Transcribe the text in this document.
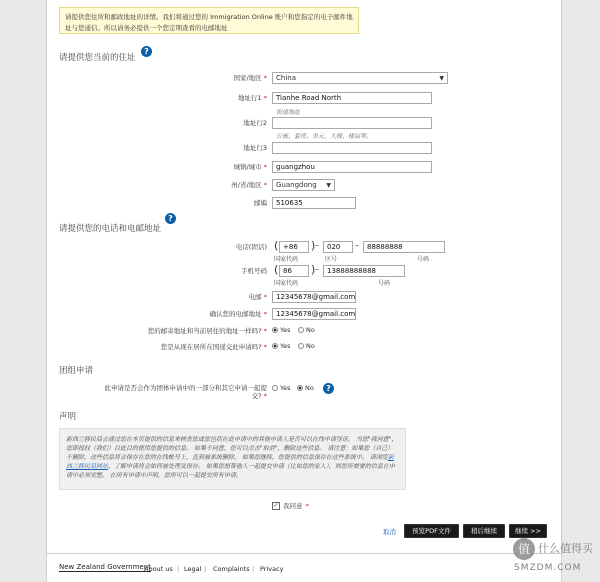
请提供您住所和邮政地址的详情。我们将通过您的 Immigration Online 账户和您指定的电子邮件地址与您通信。所以请务必提供一个您定期查看的电邮地址
请提供您当前的住址
?
国家/地区 *	China	▼
地址行1 *	Tianhe Road North
街道地址
地址行2
公寓、套房、单元、大楼、楼层等。
地址行3
城镇/城市 *	guangzhou
州/省/地区 *	Guangdong ▼
邮编	510635
请提供您的电话和电邮地址
?
电话(固话) ( +86	) –	020	–	88888888
国家代码	区号	号码
手机号码 ( 86	) –	13888888888
国家代码	号码
电邮 *	12345678@gmail.com
确认您的电邮地址 *	12345678@gmail.com
您的邮寄地址和当前居住的地址一样吗? * Yes No
您是从现在居所在国递交此申请吗? * Yes No
团组申请
此申请是否会作为团体申请中的一部分和其它申请一起提
交? *
Yes No	?
声明
新西兰移民局会通过您在本页提供的信息来核查您或您包括在此申请中的其他申请人是否可以在线申请签证。 当您"我同意"，您即授权（我们）以此目的使用您提供的信息。 如果不同意，您可以点击"取消"，删除这些信息。 请注意：如果您（自己）不删除，这些信息将会保存在您的在线帐号上，直到被系统删除。 如果您继续，您提供的信息保存在这些系统中。 请浏览新西兰移民局网站，了解申请将会如何被处理及保存。 如果您想帮他人一起提交申请（比如您的家人），则您所需要的信息在申请中必须完整。 在所有申请中声明，您所可以一起提交所有申请。
✓ 我同意 *
取消	预览PDF文件	稍后继续	继续 >>
New Zealand Government
About us | Legal | Complaints | Privacy
值 什么值得买
SMZDM.COM
